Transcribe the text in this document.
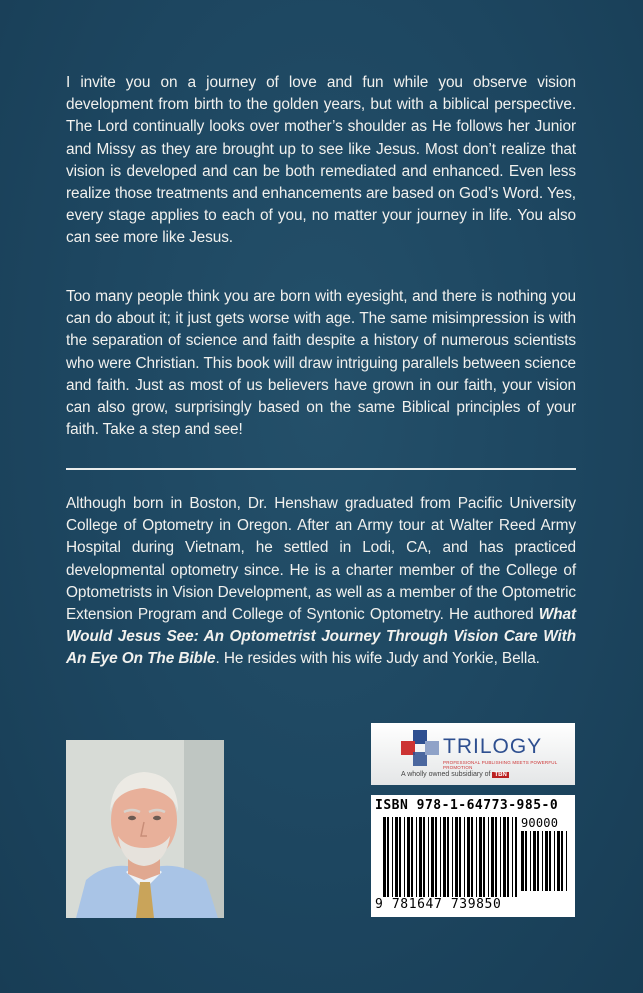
I invite you on a journey of love and fun while you observe vision development from birth to the golden years, but with a biblical perspective. The Lord continually looks over mother’s shoulder as He follows her Junior and Missy as they are brought up to see like Jesus. Most don’t realize that vision is developed and can be both remediated and enhanced. Even less realize those treatments and enhancements are based on God’s Word. Yes, every stage applies to each of you, no matter your journey in life. You also can see more like Jesus.

Too many people think you are born with eyesight, and there is nothing you can do about it; it just gets worse with age. The same misimpression is with the separation of science and faith despite a history of numerous scientists who were Christian. This book will draw intriguing parallels between science and faith. Just as most of us believers have grown in our faith, your vision can also grow, surprisingly based on the same Biblical principles of your faith. Take a step and see!

Although born in Boston, Dr. Henshaw graduated from Pacific University College of Optometry in Oregon. After an Army tour at Walter Reed Army Hospital during Vietnam, he settled in Lodi, CA, and has practiced developmental optometry since. He is a charter member of the College of Optometrists in Vision Development, as well as a member of the Optometric Extension Program and College of Syntonic Optometry. He authored What Would Jesus See: An Optometrist Journey Through Vision Care With An Eye On The Bible. He resides with his wife Judy and Yorkie, Bella.

TRILOGY
PROFESSIONAL PUBLISHING MEETS POWERFUL PROMOTION
A wholly owned subsidiary of TBN
ISBN 978-1-64773-985-0
90000
9 781647 739850
